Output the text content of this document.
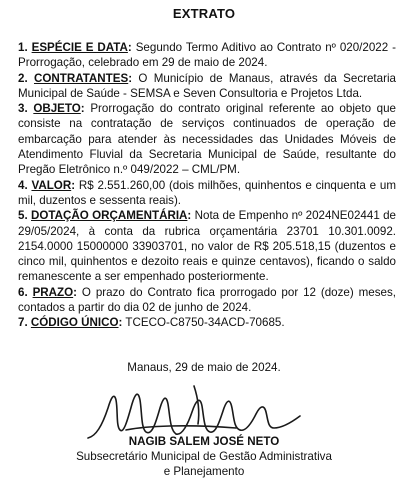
EXTRATO

1. ESPÉCIE E DATA: Segundo Termo Aditivo ao Contrato nº 020/2022 - Prorrogação, celebrado em 29 de maio de 2024.

2. CONTRATANTES: O Município de Manaus, através da Secretaria Municipal de Saúde - SEMSA e Seven Consultoria e Projetos Ltda.

3. OBJETO: Prorrogação do contrato original referente ao objeto que consiste na contratação de serviços continuados de operação de embarcação para atender às necessidades das Unidades Móveis de Atendimento Fluvial da Secretaria Municipal de Saúde, resultante do Pregão Eletrônico n.º 049/2022 – CML/PM.

4. VALOR: R$ 2.551.260,00 (dois milhões, quinhentos e cinquenta e um mil, duzentos e sessenta reais).

5. DOTAÇÃO ORÇAMENTÁRIA: Nota de Empenho nº 2024NE02441 de 29/05/2024, à conta da rubrica orçamentária 23701 10.301.0092. 2154.0000 15000000 33903701, no valor de R$ 205.518,15 (duzentos e cinco mil, quinhentos e dezoito reais e quinze centavos), ficando o saldo remanescente a ser empenhado posteriormente.

6. PRAZO: O prazo do Contrato fica prorrogado por 12 (doze) meses, contados a partir do dia 02 de junho de 2024.

7. CÓDIGO ÚNICO: TCECO-C8750-34ACD-70685.

Manaus, 29 de maio de 2024.
NAGIB SALEM JOSÉ NETO
Subsecretário Municipal de Gestão Administrativa
e Planejamento
